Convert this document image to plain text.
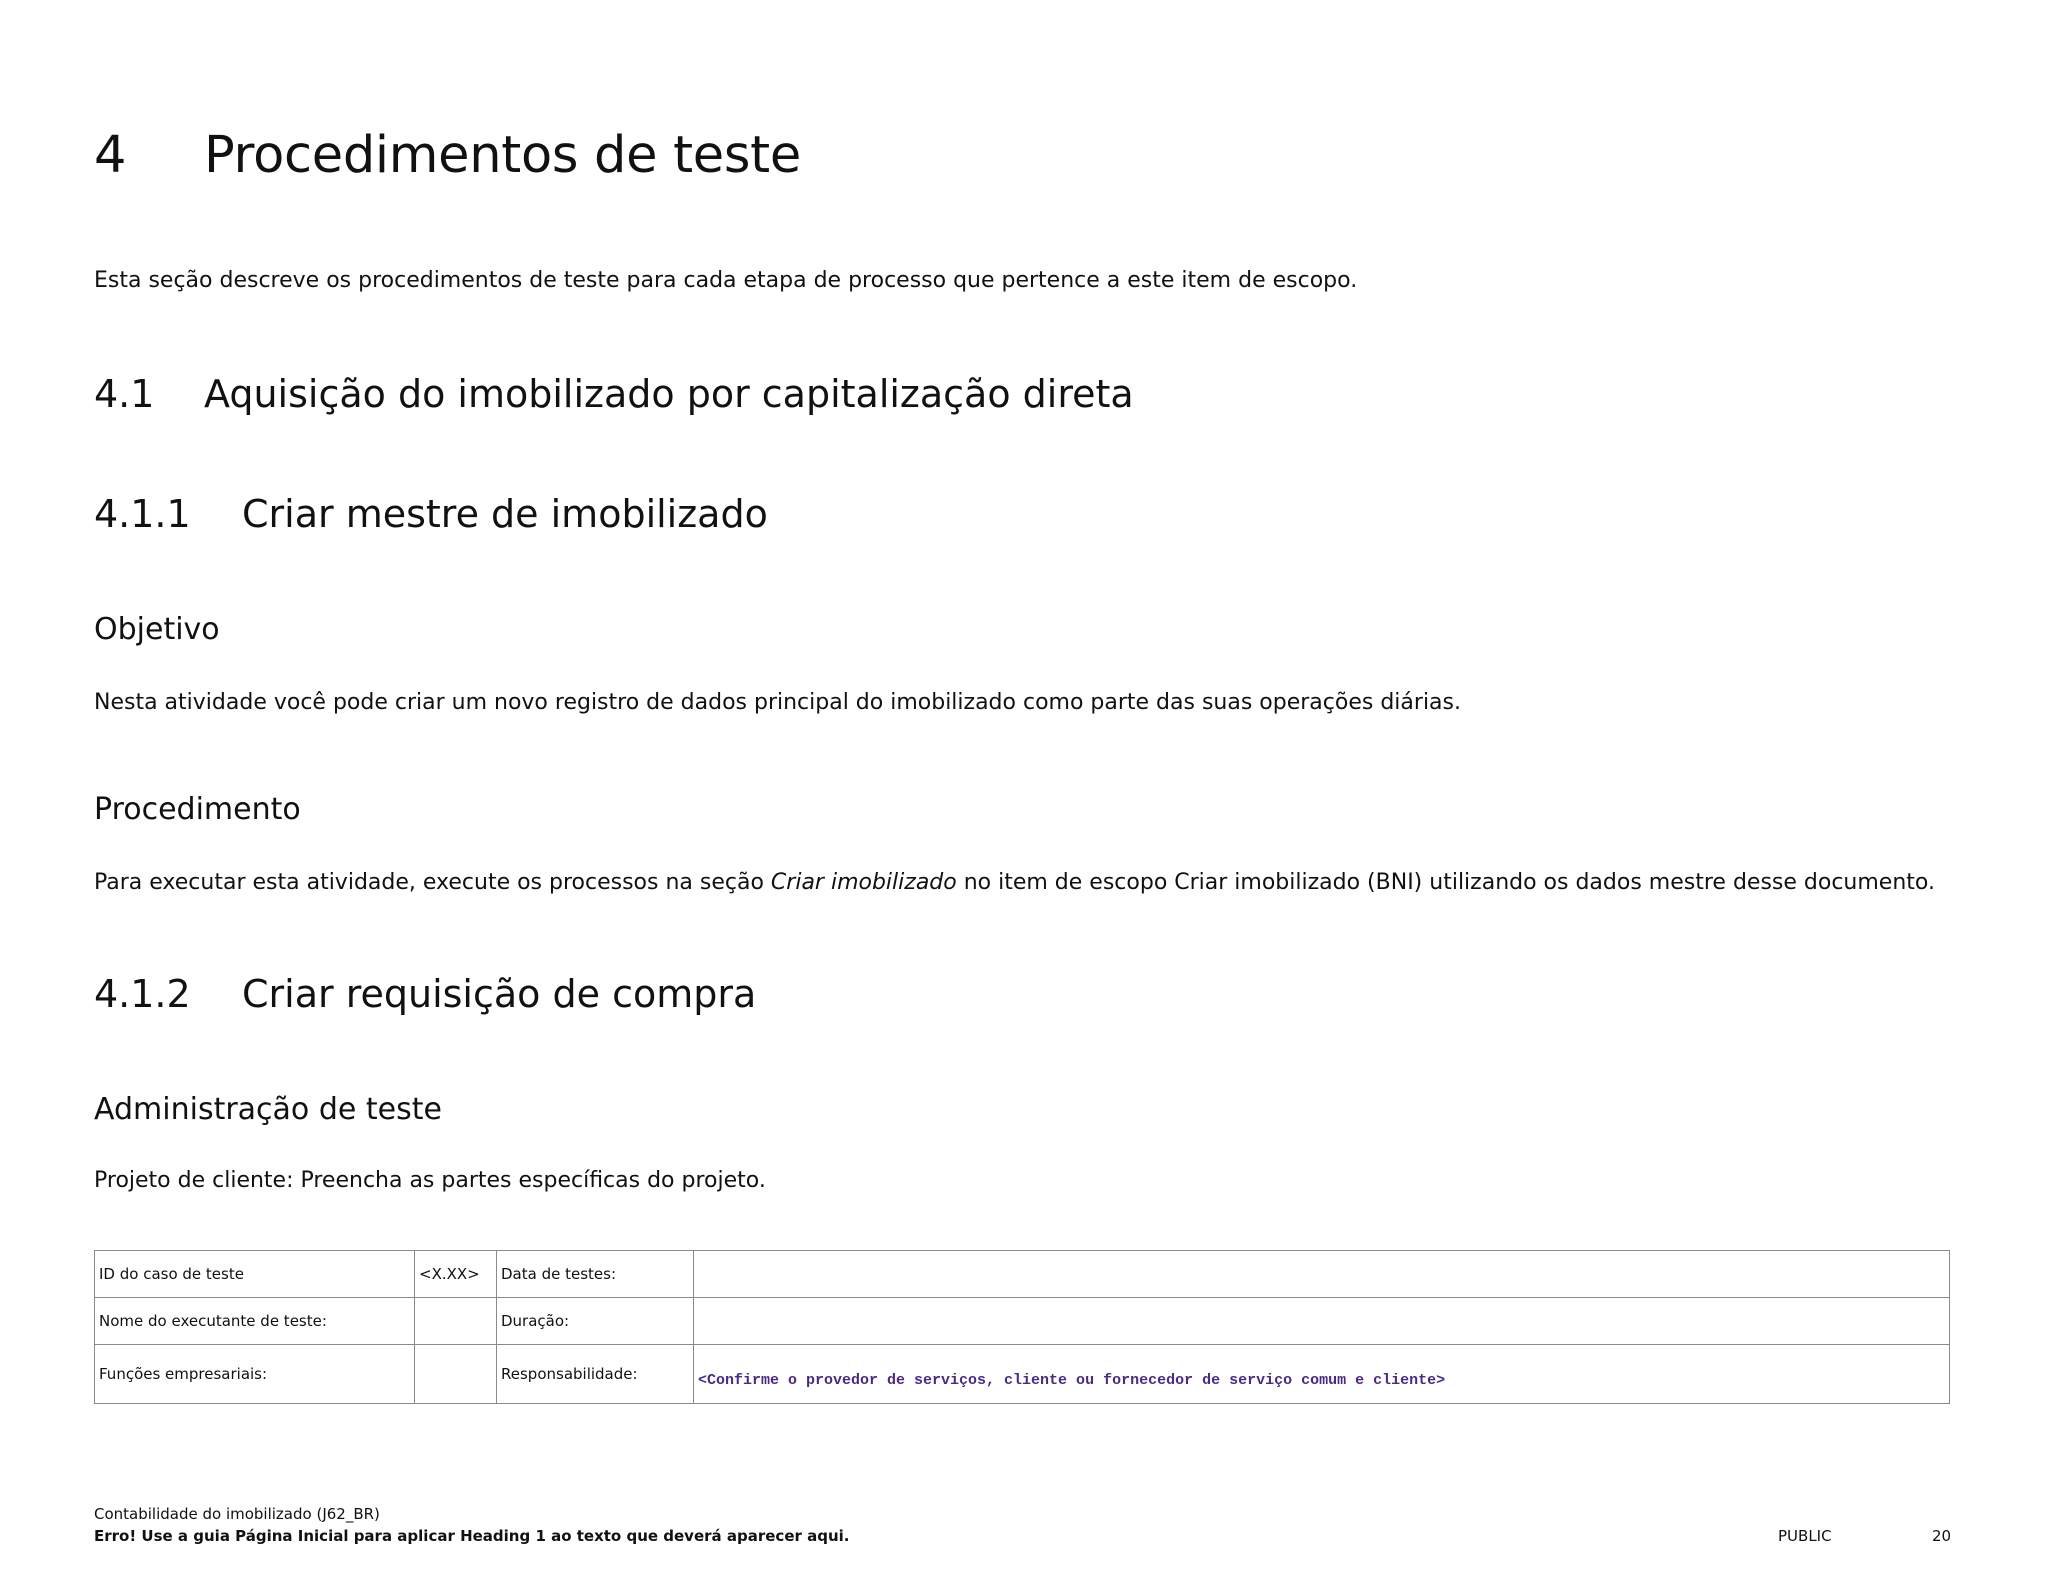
4 Procedimentos de teste

Esta seção descreve os procedimentos de teste para cada etapa de processo que pertence a este item de escopo.

4.1 Aquisição do imobilizado por capitalização direta
4.1.1 Criar mestre de imobilizado
Objetivo

Nesta atividade você pode criar um novo registro de dados principal do imobilizado como parte das suas operações diárias.

Procedimento

Para executar esta atividade, execute os processos na seção Criar imobilizado no item de escopo Criar imobilizado (BNI) utilizando os dados mestre desse documento.

4.1.2 Criar requisição de compra
Administração de teste

Projeto de cliente: Preencha as partes específicas do projeto.

ID do caso de teste	<X.XX>	Data de testes:	
Nome do executante de teste:		Duração:	
Funções empresariais:		Responsabilidade:	<Confirme o provedor de serviços, cliente ou fornecedor de serviço comum e cliente>
Contabilidade do imobilizado (J62_BR)
Erro! Use a guia Página Inicial para aplicar Heading 1 ao texto que deverá aparecer aqui.	PUBLIC	20
